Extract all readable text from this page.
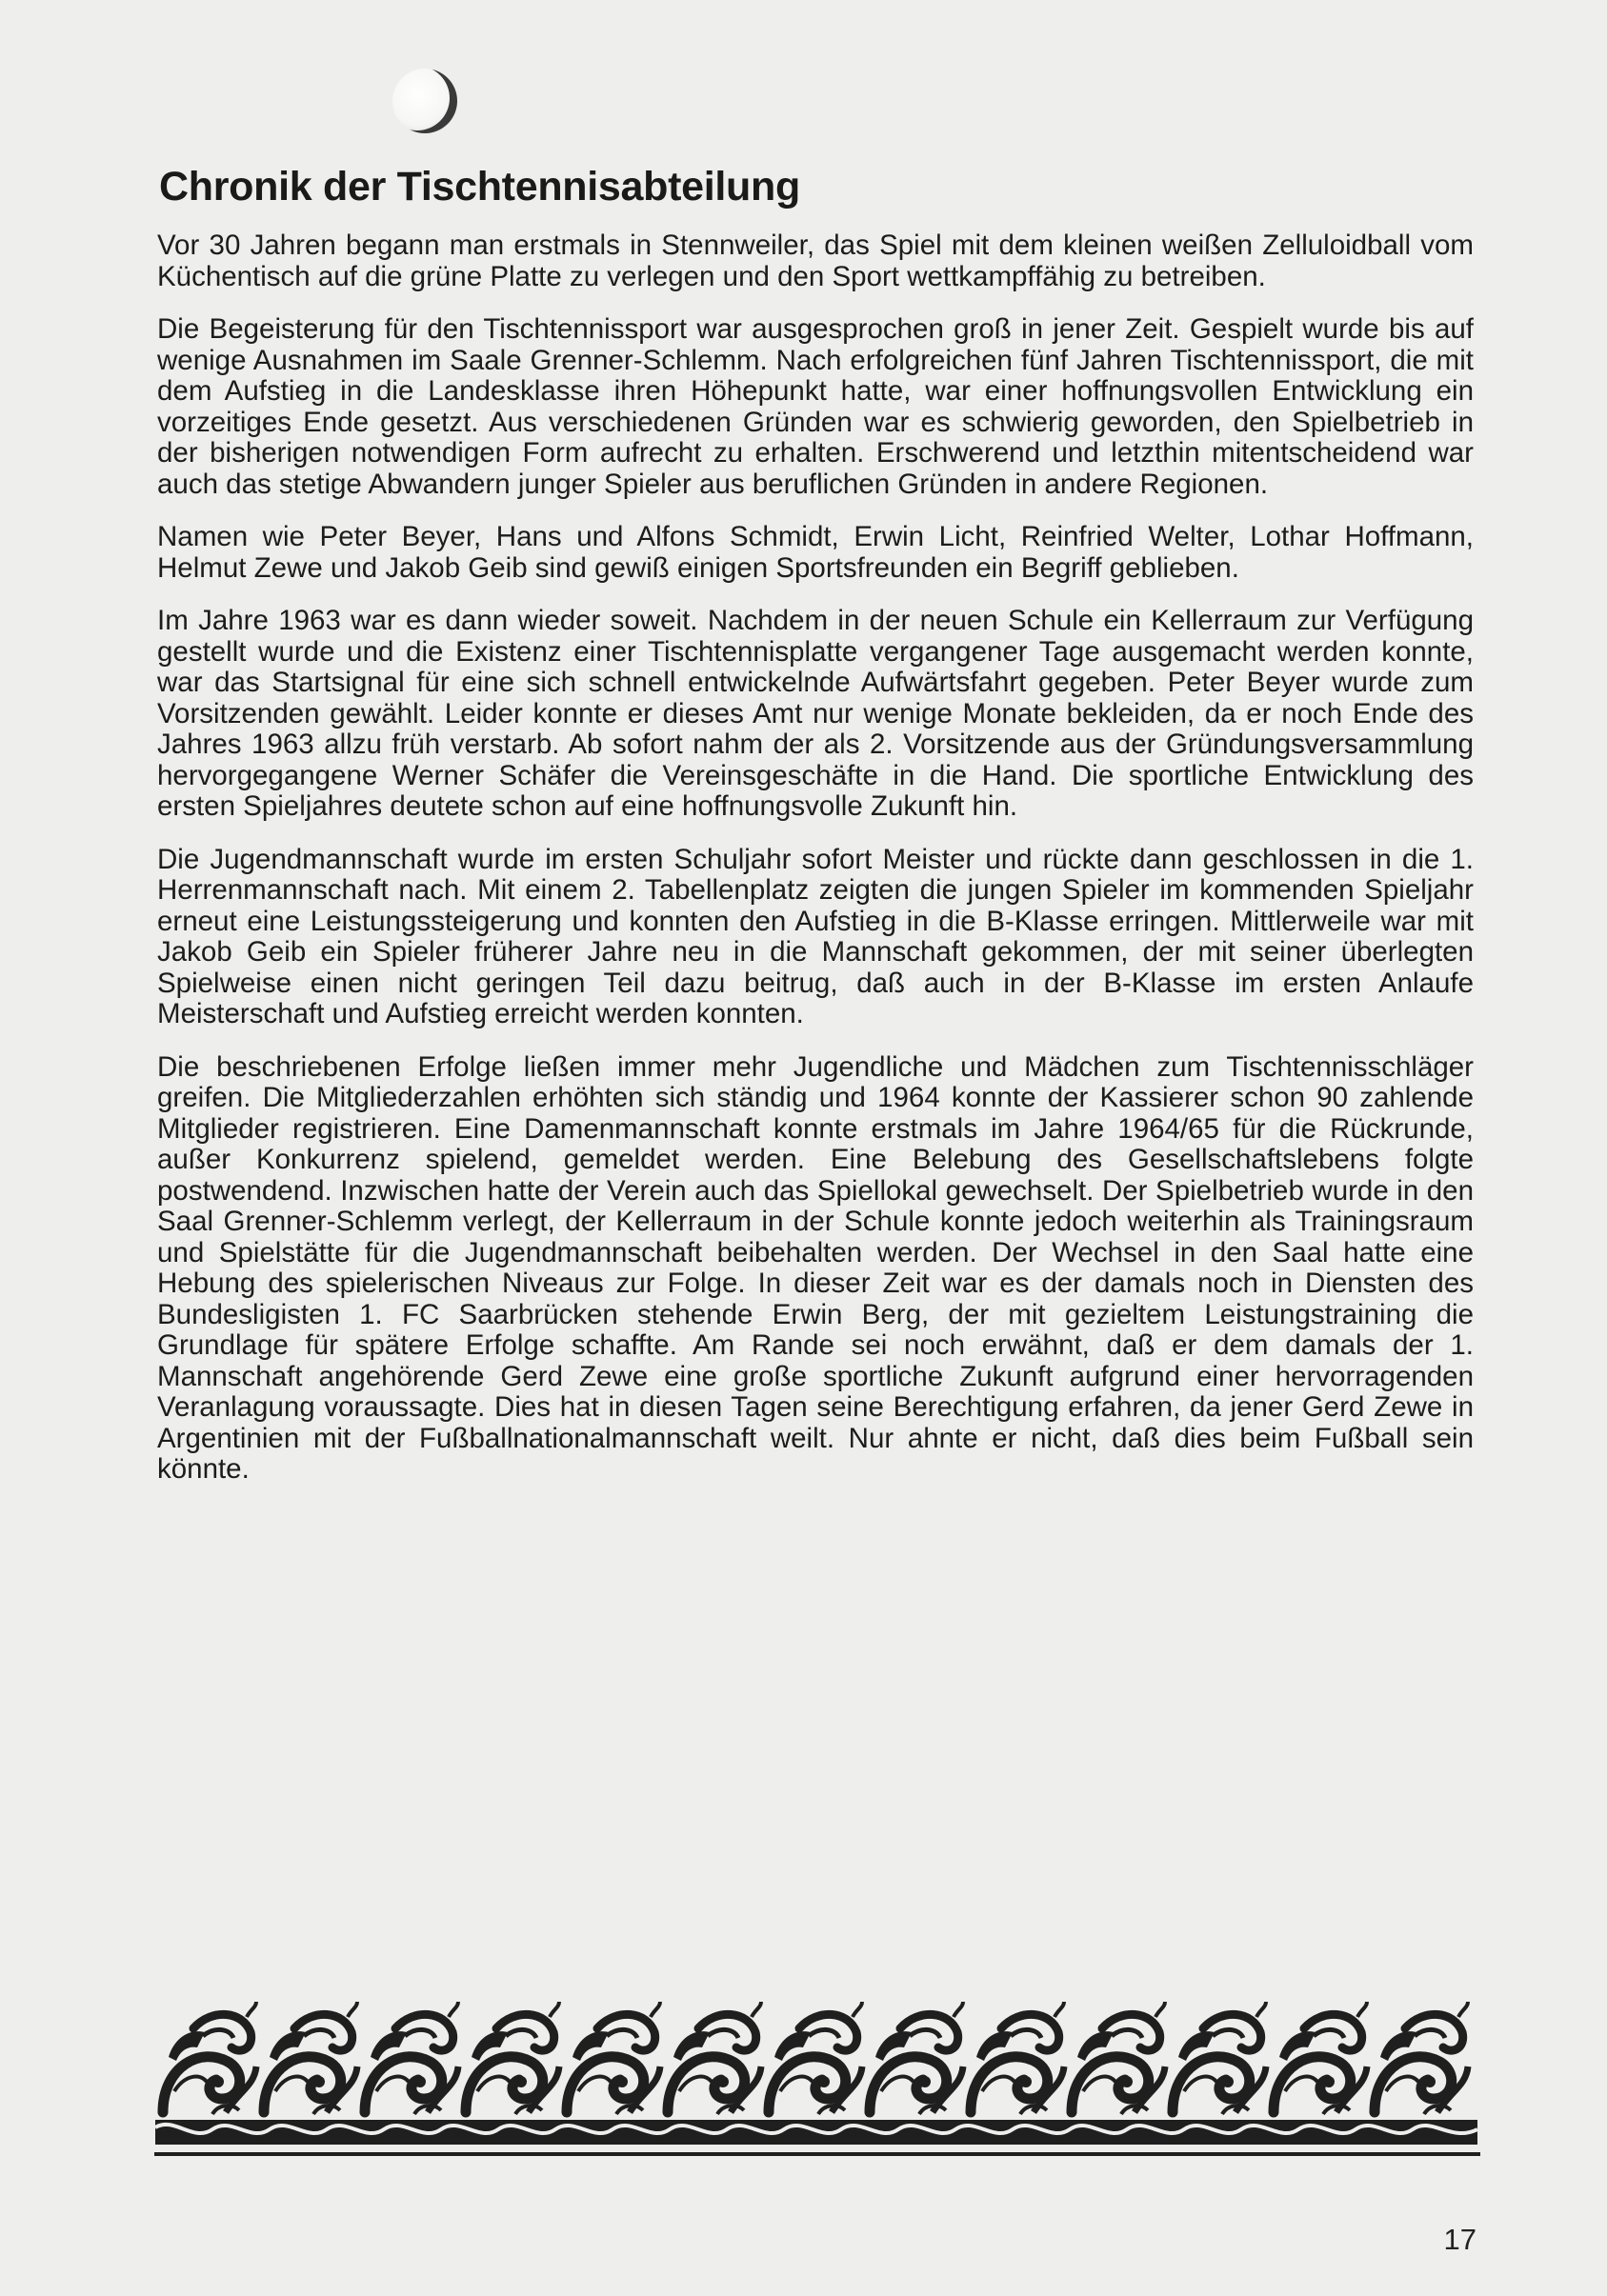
Chronik der Tischtennisabteilung

Vor 30 Jahren begann man erstmals in Stennweiler, das Spiel mit dem kleinen weißen Zelluloidball vom Küchentisch auf die grüne Platte zu verlegen und den Sport wettkampffähig zu betreiben.

Die Begeisterung für den Tischtennissport war ausgesprochen groß in jener Zeit. Gespielt wurde bis auf wenige Ausnahmen im Saale Grenner-Schlemm. Nach erfolgreichen fünf Jahren Tischtennissport, die mit dem Aufstieg in die Landesklasse ihren Höhepunkt hatte, war einer hoffnungsvollen Entwicklung ein vorzeitiges Ende gesetzt. Aus verschiedenen Gründen war es schwierig geworden, den Spielbetrieb in der bisherigen notwendigen Form aufrecht zu erhalten. Erschwerend und letzthin mitentscheidend war auch das stetige Abwandern junger Spieler aus beruflichen Gründen in andere Regionen.

Namen wie Peter Beyer, Hans und Alfons Schmidt, Erwin Licht, Reinfried Welter, Lothar Hoffmann, Helmut Zewe und Jakob Geib sind gewiß einigen Sportsfreunden ein Begriff geblieben.

Im Jahre 1963 war es dann wieder soweit. Nachdem in der neuen Schule ein Kellerraum zur Verfügung gestellt wurde und die Existenz einer Tischtennisplatte vergangener Tage ausgemacht werden konnte, war das Startsignal für eine sich schnell entwickelnde Aufwärtsfahrt gegeben. Peter Beyer wurde zum Vorsitzenden gewählt. Leider konnte er dieses Amt nur wenige Monate bekleiden, da er noch Ende des Jahres 1963 allzu früh verstarb. Ab sofort nahm der als 2. Vorsitzende aus der Gründungsversammlung hervorgegangene Werner Schäfer die Vereinsgeschäfte in die Hand. Die sportliche Entwicklung des ersten Spieljahres deutete schon auf eine hoffnungsvolle Zukunft hin.

Die Jugendmannschaft wurde im ersten Schuljahr sofort Meister und rückte dann geschlossen in die 1. Herrenmannschaft nach. Mit einem 2. Tabellenplatz zeigten die jungen Spieler im kommenden Spieljahr erneut eine Leistungssteigerung und konnten den Aufstieg in die B-Klasse erringen. Mittlerweile war mit Jakob Geib ein Spieler früherer Jahre neu in die Mannschaft gekommen, der mit seiner überlegten Spielweise einen nicht geringen Teil dazu beitrug, daß auch in der B-Klasse im ersten Anlaufe Meisterschaft und Aufstieg erreicht werden konnten.

Die beschriebenen Erfolge ließen immer mehr Jugendliche und Mädchen zum Tischtennisschläger greifen. Die Mitgliederzahlen erhöhten sich ständig und 1964 konnte der Kassierer schon 90 zahlende Mitglieder registrieren. Eine Damenmannschaft konnte erstmals im Jahre 1964/65 für die Rückrunde, außer Konkurrenz spielend, gemeldet werden. Eine Belebung des Gesellschaftslebens folgte postwendend. Inzwischen hatte der Verein auch das Spiellokal gewechselt. Der Spielbetrieb wurde in den Saal Grenner-Schlemm verlegt, der Kellerraum in der Schule konnte jedoch weiterhin als Trainingsraum und Spielstätte für die Jugendmannschaft beibehalten werden. Der Wechsel in den Saal hatte eine Hebung des spielerischen Niveaus zur Folge. In dieser Zeit war es der damals noch in Diensten des Bundesligisten 1. FC Saarbrücken stehende Erwin Berg, der mit gezieltem Leistungstraining die Grundlage für spätere Erfolge schaffte. Am Rande sei noch erwähnt, daß er dem damals der 1. Mannschaft angehörende Gerd Zewe eine große sportliche Zukunft aufgrund einer hervorragenden Veranlagung voraussagte. Dies hat in diesen Tagen seine Berechtigung erfahren, da jener Gerd Zewe in Argentinien mit der Fußballnationalmannschaft weilt. Nur ahnte er nicht, daß dies beim Fußball sein könnte.

17
